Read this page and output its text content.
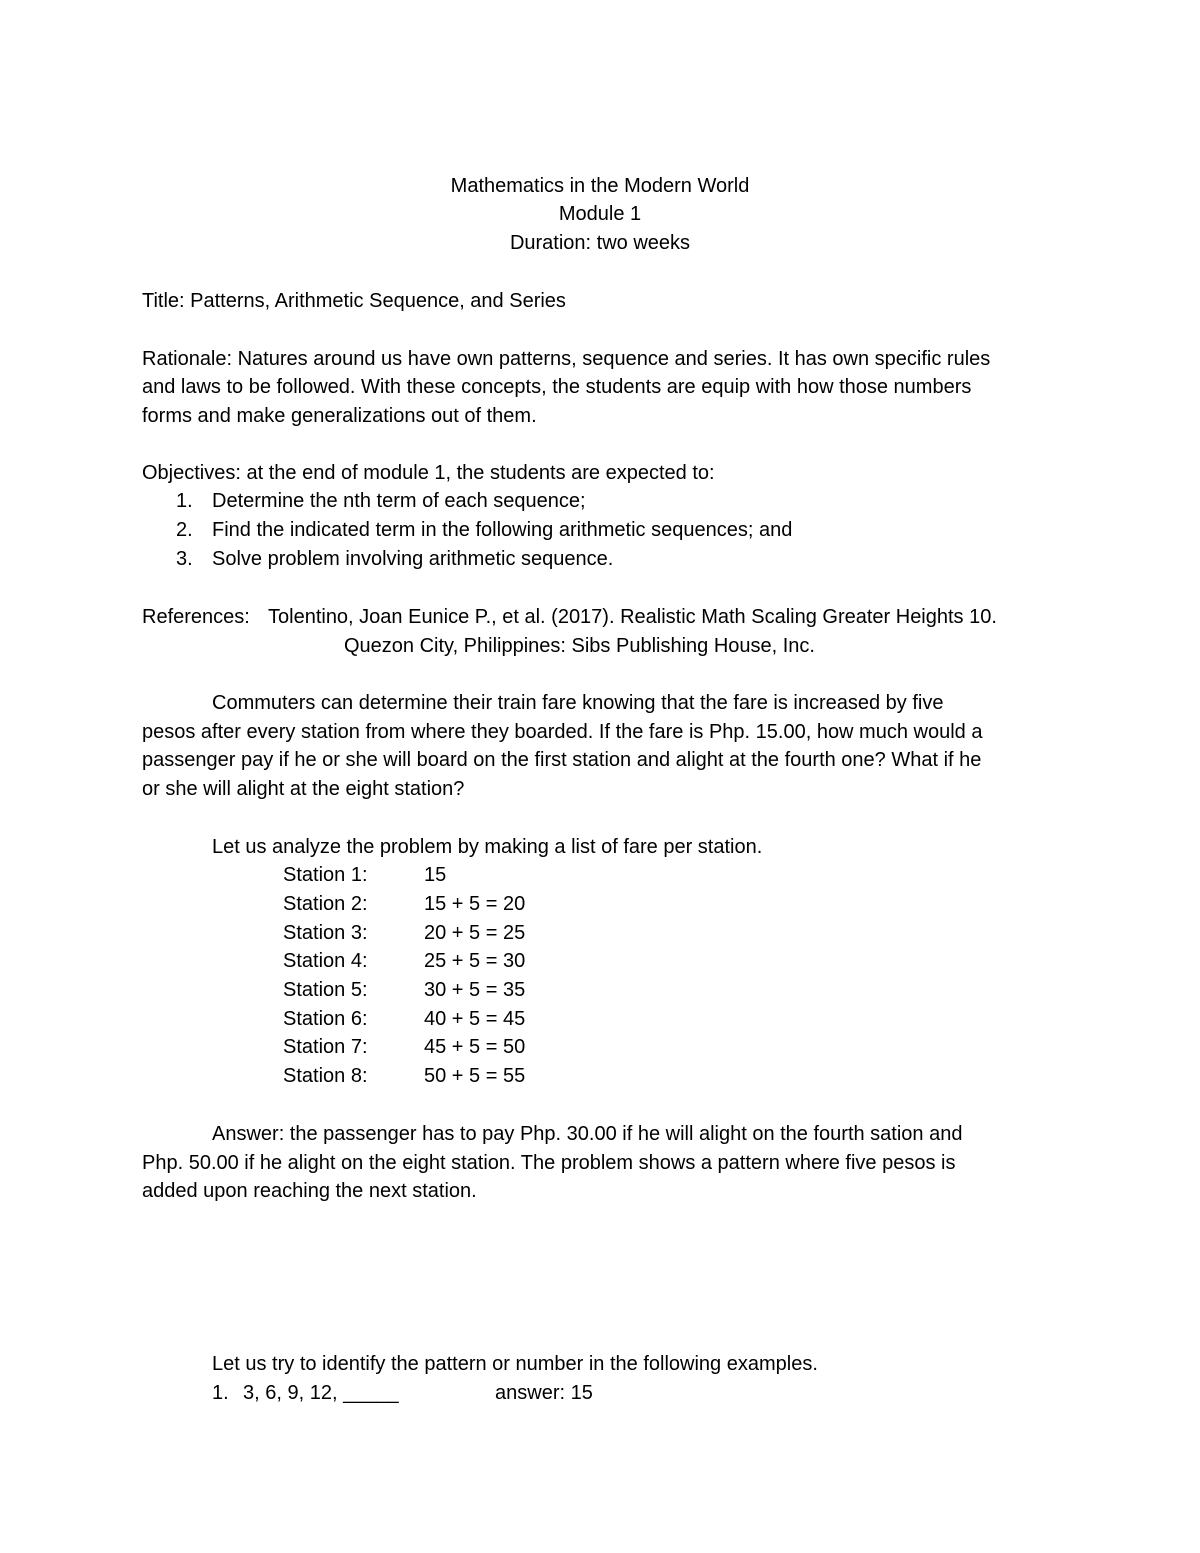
Mathematics in the Modern World
Module 1
Duration: two weeks
Title: Patterns, Arithmetic Sequence, and Series
Rationale: Natures around us have own patterns, sequence and series. It has own specific rules
and laws to be followed. With these concepts, the students are equip with how those numbers
forms and make generalizations out of them.
Objectives: at the end of module 1, the students are expected to:
1. Determine the nth term of each sequence;
2. Find the indicated term in the following arithmetic sequences; and
3. Solve problem involving arithmetic sequence.
References: Tolentino, Joan Eunice P., et al. (2017). Realistic Math Scaling Greater Heights 10.
Quezon City, Philippines: Sibs Publishing House, Inc.
Commuters can determine their train fare knowing that the fare is increased by five
pesos after every station from where they boarded. If the fare is Php. 15.00, how much would a
passenger pay if he or she will board on the first station and alight at the fourth one? What if he
or she will alight at the eight station?
Let us analyze the problem by making a list of fare per station.
Station 1:	15
Station 2:	15 + 5 = 20
Station 3:	20 + 5 = 25
Station 4:	25 + 5 = 30
Station 5:	30 + 5 = 35
Station 6:	40 + 5 = 45
Station 7:	45 + 5 = 50
Station 8:	50 + 5 = 55
Answer: the passenger has to pay Php. 30.00 if he will alight on the fourth sation and
Php. 50.00 if he alight on the eight station. The problem shows a pattern where five pesos is
added upon reaching the next station.
Let us try to identify the pattern or number in the following examples.
1. 3, 6, 9, 12, _____	answer: 15
